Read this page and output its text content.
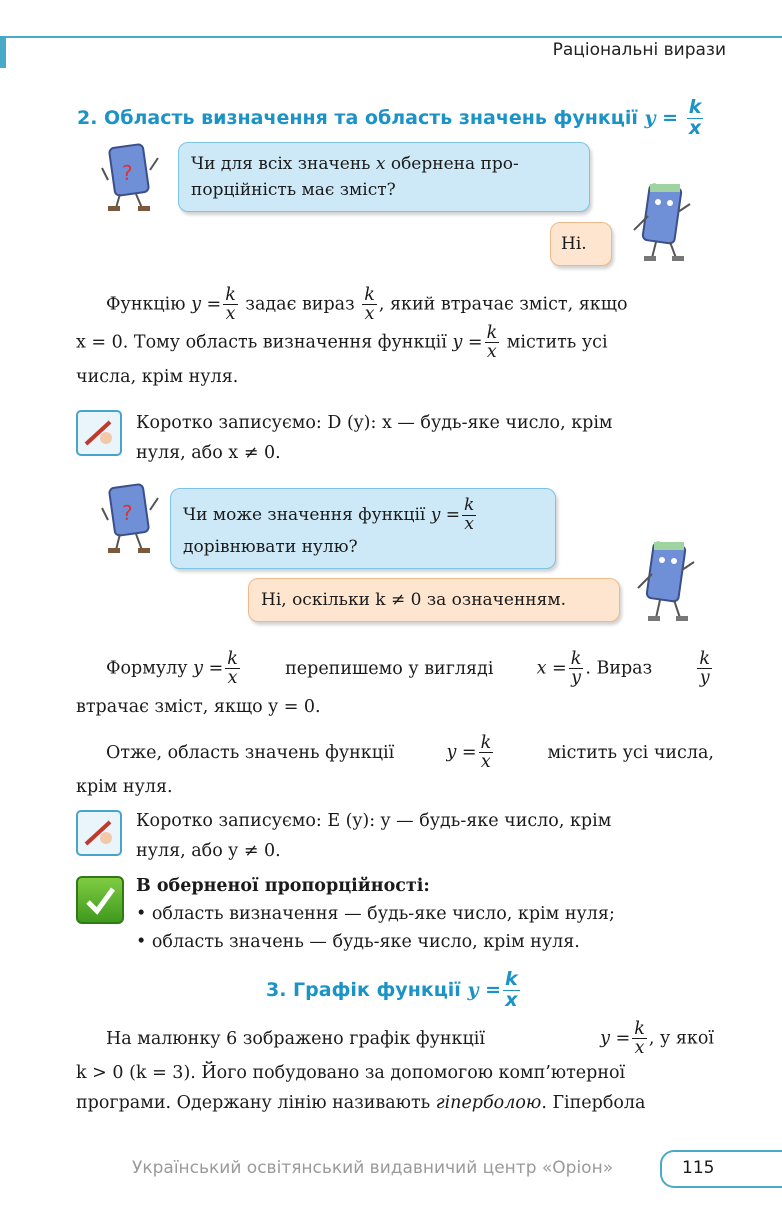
Раціональні вирази
2. Область визначення та область значень функції $y = \frac{k}{x}$
?	Чи для всіх значень x обернена про-
порційність має зміст?
Ні.
Функцію $y = \frac{k}{x}$ задає вираз $\frac{k}{x}$ , який втрачає зміст, якщо
x = 0. Тому область визначення функції $y = \frac{k}{x}$ містить усі
числа, крім нуля.
Коротко записуємо: D (y): x — будь-яке число, крім
нуля, або x ≠ 0.
?	Чи може значення функції $y = \frac{k}{x}$

дорівнювати нулю?
Ні, оскільки k ≠ 0 за означенням.
Формулу $y = \frac{k}{x}$	перепишемо у вигляді $x = \frac{k}{y}$ . Вираз	$\frac{k}{y}$
втрачає зміст, якщо y = 0.
Отже, область значень функції	$y = \frac{k}{x}$	містить усі числа,
крім нуля.
Коротко записуємо: E (y): y — будь-яке число, крім
нуля, або y ≠ 0.
В оберненої пропорційності:
• область визначення — будь-яке число, крім нуля;
• область значень — будь-яке число, крім нуля.
3. Графік функції $y = \frac{k}{x}$
На малюнку 6 зображено графік функції	$y = \frac{k}{x}$ , у якої
k > 0 (k = 3). Його побудовано за допомогою комп’ютерної
програми. Одержану лінію називають гіперболою. Гіпербола
Український освітянський видавничий центр «Оріон»	115
